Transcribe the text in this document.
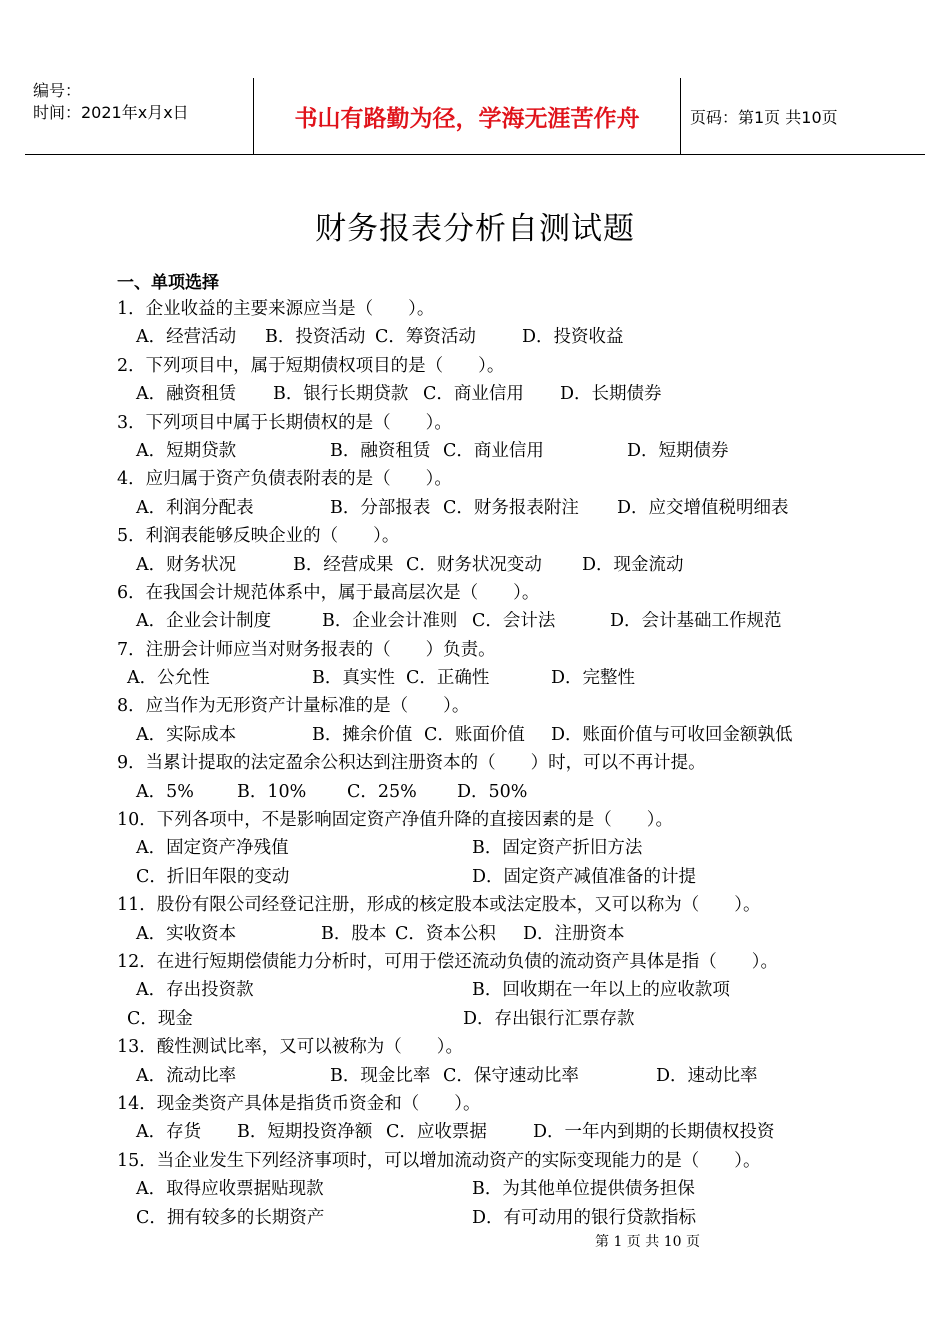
编号：
时间：2021年x月x日	书山有路勤为径，学海无涯苦作舟	页码：第1页 共10页
财务报表分析自测试题
一、单项选择
1．企业收益的主要来源应当是（　　）。
A．经营活动 B．投资活动 C．筹资活动	D．投资收益
2．下列项目中，属于短期债权项目的是（　　）。
A．融资租赁 B．银行长期贷款 C．商业信用 D．长期债券
3．下列项目中属于长期债权的是（　　）。
A．短期贷款	B．融资租赁 C．商业信用	D．短期债券
4．应归属于资产负债表附表的是（　　）。
A．利润分配表	B．分部报表 C．财务报表附注 D．应交增值税明细表
5．利润表能够反映企业的（　　）。
A．财务状况	B．经营成果 C．财务状况变动 D．现金流动
6．在我国会计规范体系中，属于最高层次是（　　）。
A．企业会计制度	B．企业会计准则 C．会计法	D．会计基础工作规范
7．注册会计师应当对财务报表的（　　）负责。
A．公允性	B．真实性 C．正确性	D．完整性
8．应当作为无形资产计量标准的是（　　）。
A．实际成本	B．摊余价值 C．账面价值 D．账面价值与可收回金额孰低
9．当累计提取的法定盈余公积达到注册资本的（　　）时，可以不再计提。
A．5% B．10% C．25% D．50%
10．下列各项中，不是影响固定资产净值升降的直接因素的是（　　）。
A．固定资产净残值	B．固定资产折旧方法
C．折旧年限的变动	D．固定资产减值准备的计提
11．股份有限公司经登记注册，形成的核定股本或法定股本，又可以称为（　　）。
A．实收资本	B．股本 C．资本公积 D．注册资本
12．在进行短期偿债能力分析时，可用于偿还流动负债的流动资产具体是指（　　）。
A．存出投资款	B．回收期在一年以上的应收款项
C．现金	D．存出银行汇票存款
13．酸性测试比率，又可以被称为（　　）。
A．流动比率	B．现金比率 C．保守速动比率	D．速动比率
14．现金类资产具体是指货币资金和（　　）。
A．存货 B．短期投资净额 C．应收票据	D．一年内到期的长期债权投资
15．当企业发生下列经济事项时，可以增加流动资产的实际变现能力的是（　　）。
A．取得应收票据贴现款	B．为其他单位提供债务担保
C．拥有较多的长期资产	D．有可动用的银行贷款指标
第 1 页 共 10 页
